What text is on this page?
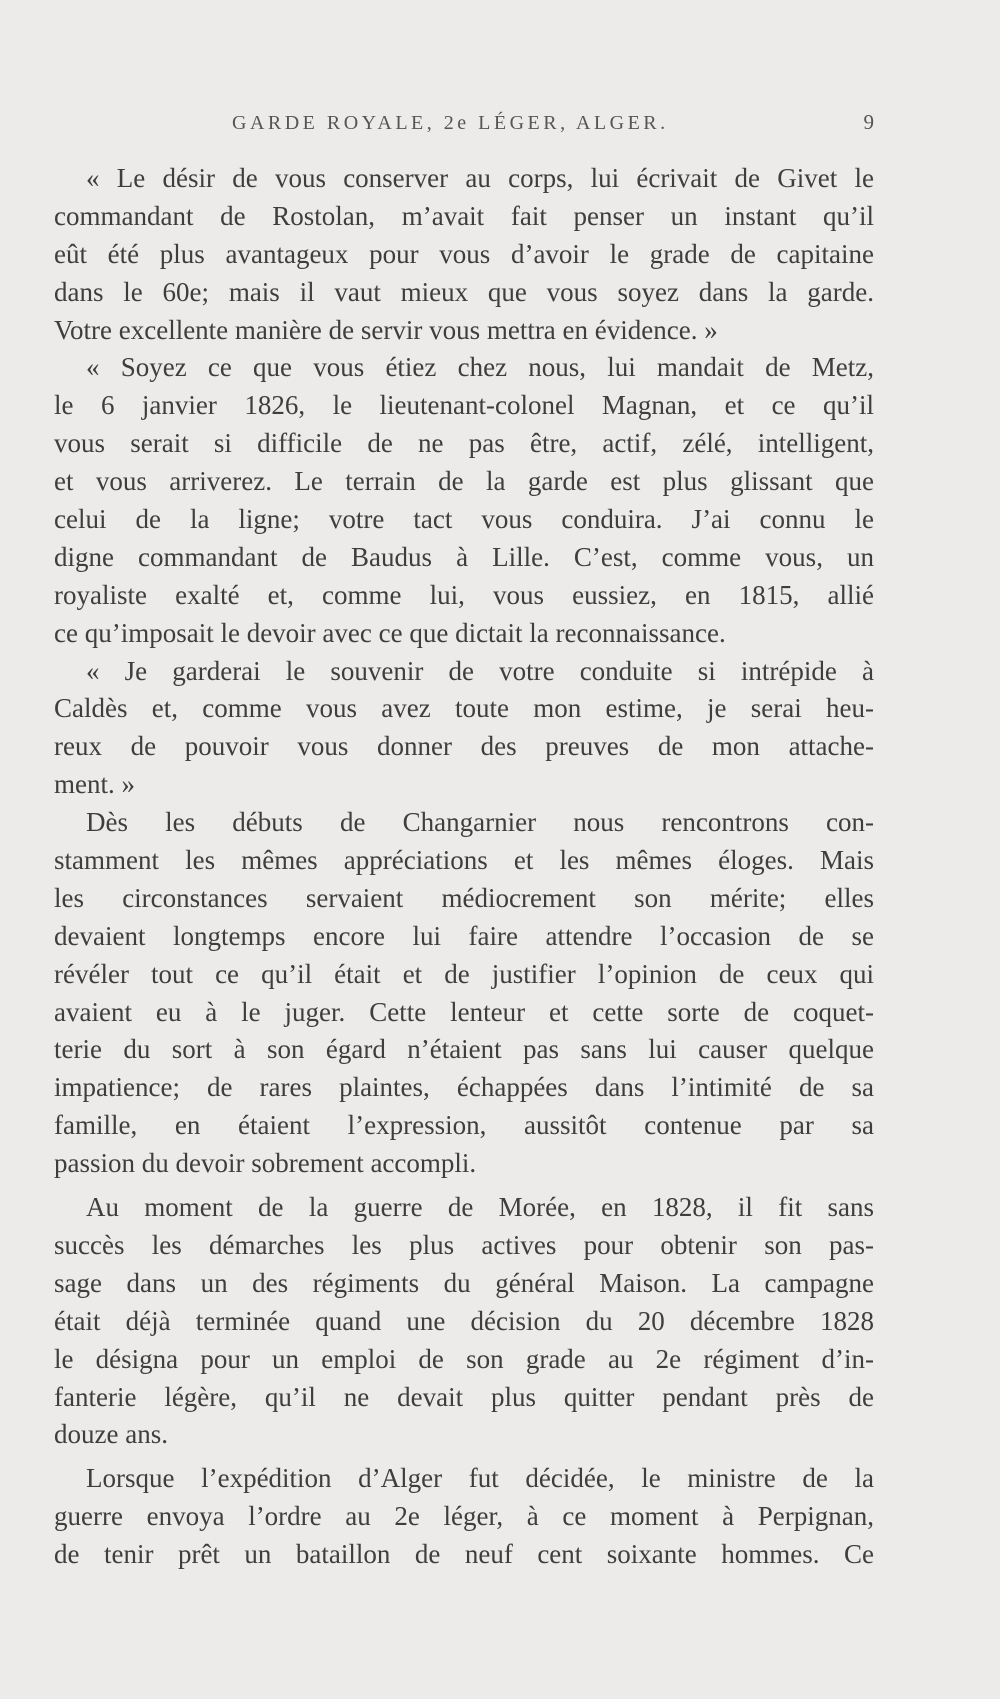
GARDE ROYALE, 2e LÉGER, ALGER.	9
« Le désir de vous conserver au corps, lui écrivait de Givet le
commandant de Rostolan, m’avait fait penser un instant qu’il
eût été plus avantageux pour vous d’avoir le grade de capitaine
dans le 60e; mais il vaut mieux que vous soyez dans la garde.
Votre excellente manière de servir vous mettra en évidence. »
« Soyez ce que vous étiez chez nous, lui mandait de Metz,
le 6 janvier 1826, le lieutenant-colonel Magnan, et ce qu’il
vous serait si difficile de ne pas être, actif, zélé, intelligent,
et vous arriverez. Le terrain de la garde est plus glissant que
celui de la ligne; votre tact vous conduira. J’ai connu le
digne commandant de Baudus à Lille. C’est, comme vous, un
royaliste exalté et, comme lui, vous eussiez, en 1815, allié
ce qu’imposait le devoir avec ce que dictait la reconnaissance.
« Je garderai le souvenir de votre conduite si intrépide à
Caldès et, comme vous avez toute mon estime, je serai heu-
reux de pouvoir vous donner des preuves de mon attache-
ment. »
Dès les débuts de Changarnier nous rencontrons con-
stamment les mêmes appréciations et les mêmes éloges. Mais
les circonstances servaient médiocrement son mérite; elles
devaient longtemps encore lui faire attendre l’occasion de se
révéler tout ce qu’il était et de justifier l’opinion de ceux qui
avaient eu à le juger. Cette lenteur et cette sorte de coquet-
terie du sort à son égard n’étaient pas sans lui causer quelque
impatience; de rares plaintes, échappées dans l’intimité de sa
famille, en étaient l’expression, aussitôt contenue par sa
passion du devoir sobrement accompli.
Au moment de la guerre de Morée, en 1828, il fit sans
succès les démarches les plus actives pour obtenir son pas-
sage dans un des régiments du général Maison. La campagne
était déjà terminée quand une décision du 20 décembre 1828
le désigna pour un emploi de son grade au 2e régiment d’in-
fanterie légère, qu’il ne devait plus quitter pendant près de
douze ans.
Lorsque l’expédition d’Alger fut décidée, le ministre de la
guerre envoya l’ordre au 2e léger, à ce moment à Perpignan,
de tenir prêt un bataillon de neuf cent soixante hommes. Ce
